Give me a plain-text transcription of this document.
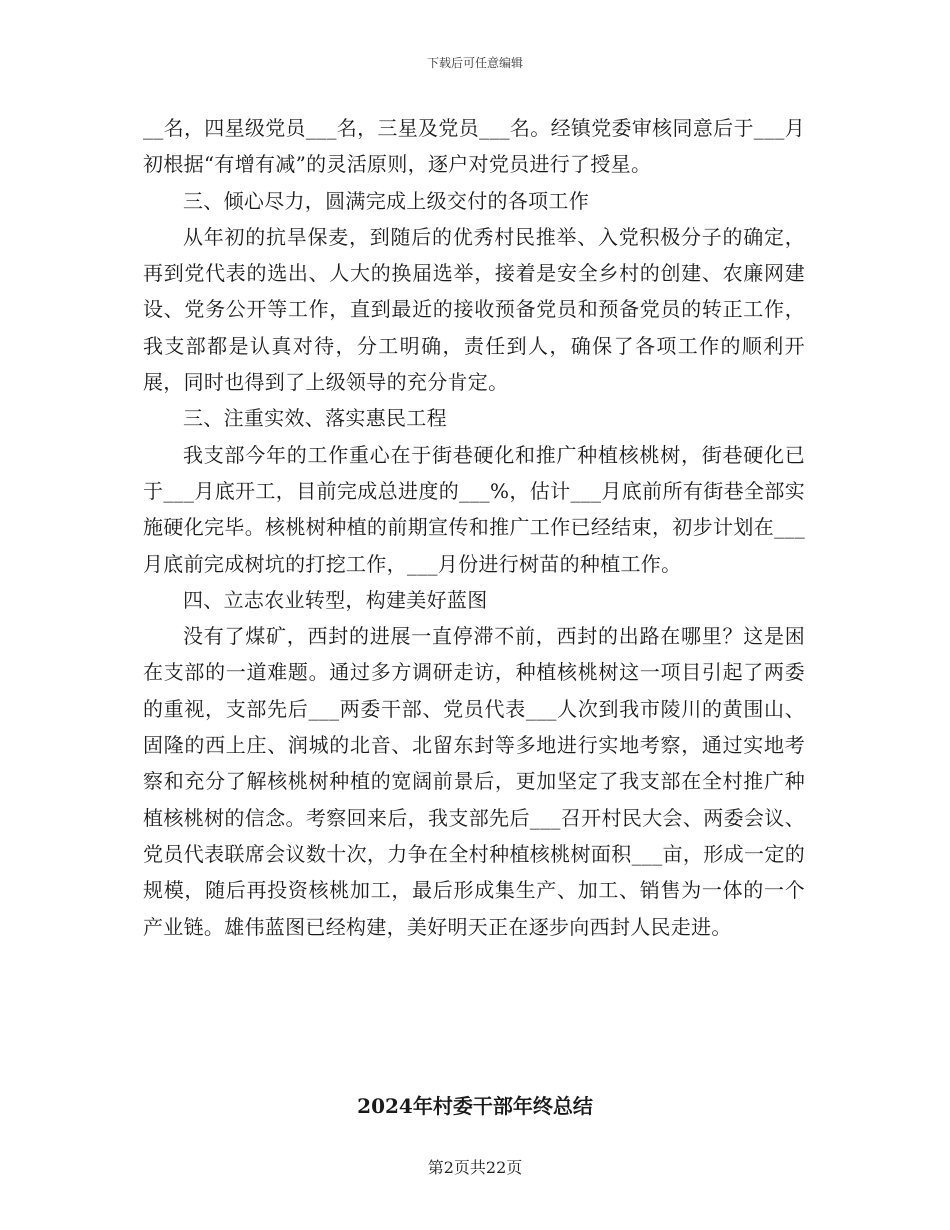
下载后可任意编辑

__名，四星级党员___名，三星及党员___名。经镇党委审核同意后于___月初根据“有增有减”的灵活原则，逐户对党员进行了授星。

三、倾心尽力，圆满完成上级交付的各项工作

从年初的抗旱保麦，到随后的优秀村民推举、入党积极分子的确定，再到党代表的选出、人大的换届选举，接着是安全乡村的创建、农廉网建设、党务公开等工作，直到最近的接收预备党员和预备党员的转正工作，我支部都是认真对待，分工明确，责任到人，确保了各项工作的顺利开展，同时也得到了上级领导的充分肯定。

三、注重实效、落实惠民工程

我支部今年的工作重心在于街巷硬化和推广种植核桃树，街巷硬化已于___月底开工，目前完成总进度的___%，估计___月底前所有街巷全部实施硬化完毕。核桃树种植的前期宣传和推广工作已经结束，初步计划在___月底前完成树坑的打挖工作，___月份进行树苗的种植工作。

四、立志农业转型，构建美好蓝图

没有了煤矿，西封的进展一直停滞不前，西封的出路在哪里？这是困在支部的一道难题。通过多方调研走访，种植核桃树这一项目引起了两委的重视，支部先后___两委干部、党员代表___人次到我市陵川的黄围山、固隆的西上庄、润城的北音、北留东封等多地进行实地考察，通过实地考察和充分了解核桃树种植的宽阔前景后，更加坚定了我支部在全村推广种植核桃树的信念。考察回来后，我支部先后___召开村民大会、两委会议、党员代表联席会议数十次，力争在全村种植核桃树面积___亩，形成一定的规模，随后再投资核桃加工，最后形成集生产、加工、销售为一体的一个产业链。雄伟蓝图已经构建，美好明天正在逐步向西封人民走进。

2024年村委干部年终总结
第2页共22页
